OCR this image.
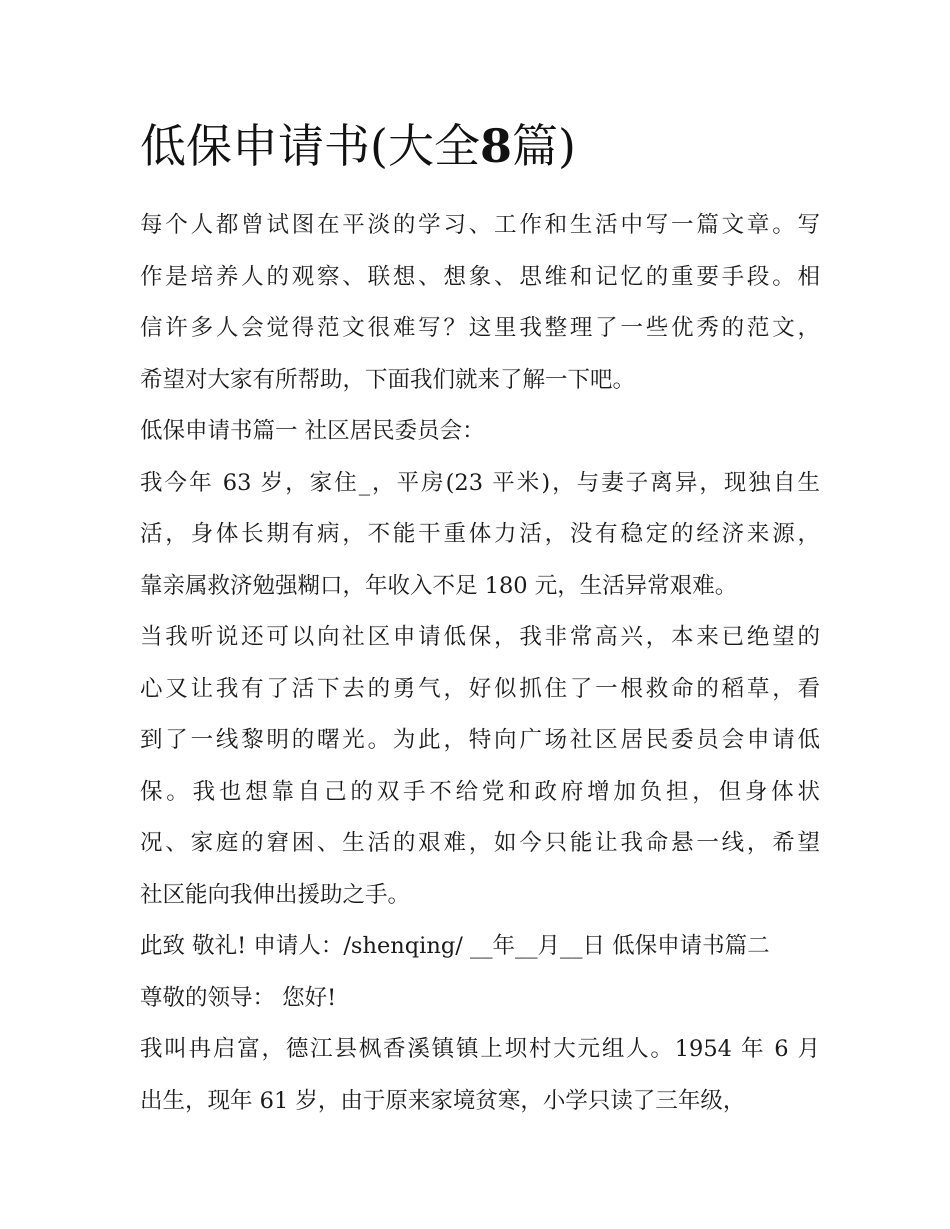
低保申请书(大全8篇)
每个人都曾试图在平淡的学习、工作和生活中写一篇文章。写
作是培养人的观察、联想、想象、思维和记忆的重要手段。相
信许多人会觉得范文很难写？这里我整理了一些优秀的范文，
希望对大家有所帮助，下面我们就来了解一下吧。
低保申请书篇一 社区居民委员会：
我今年 63 岁，家住_，平房(23 平米)，与妻子离异，现独自生
活，身体长期有病，不能干重体力活，没有稳定的经济来源，
靠亲属救济勉强糊口，年收入不足 180 元，生活异常艰难。
当我听说还可以向社区申请低保，我非常高兴，本来已绝望的
心又让我有了活下去的勇气，好似抓住了一根救命的稻草，看
到了一线黎明的曙光。为此，特向广场社区居民委员会申请低
保。我也想靠自己的双手不给党和政府增加负担，但身体状
况、家庭的窘困、生活的艰难，如今只能让我命悬一线，希望
社区能向我伸出援助之手。
此致 敬礼! 申请人：/shenqing/ __年__月__日 低保申请书篇二
尊敬的领导： 您好!
我叫冉启富，德江县枫香溪镇镇上坝村大元组人。1954 年 6 月
出生，现年 61 岁，由于原来家境贫寒，小学只读了三年级，
